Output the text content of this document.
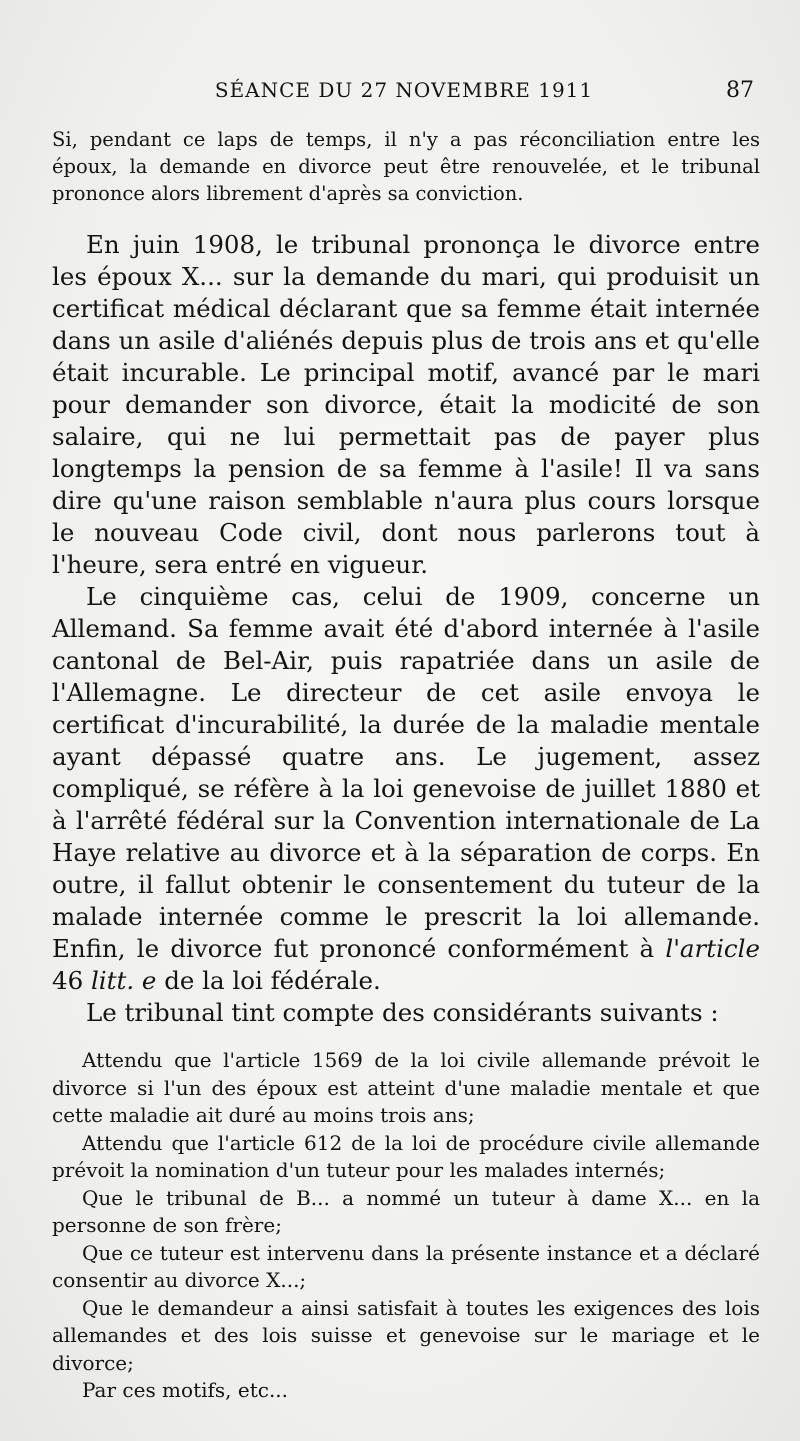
SÉANCE DU 27 NOVEMBRE 1911	87

Si, pendant ce laps de temps, il n'y a pas réconciliation entre les époux, la demande en divorce peut être renouvelée, et le tribunal prononce alors librement d'après sa conviction.

En juin 1908, le tribunal prononça le divorce entre les époux X... sur la demande du mari, qui produisit un certificat médical déclarant que sa femme était internée dans un asile d'aliénés depuis plus de trois ans et qu'elle était incurable. Le principal motif, avancé par le mari pour demander son divorce, était la modicité de son salaire, qui ne lui permettait pas de payer plus longtemps la pension de sa femme à l'asile! Il va sans dire qu'une raison semblable n'aura plus cours lorsque le nouveau Code civil, dont nous parlerons tout à l'heure, sera entré en vigueur.

Le cinquième cas, celui de 1909, concerne un Allemand. Sa femme avait été d'abord internée à l'asile cantonal de Bel-Air, puis rapatriée dans un asile de l'Allemagne. Le directeur de cet asile envoya le certificat d'incurabilité, la durée de la maladie mentale ayant dépassé quatre ans. Le jugement, assez compliqué, se réfère à la loi genevoise de juillet 1880 et à l'arrêté fédéral sur la Convention internationale de La Haye relative au divorce et à la séparation de corps. En outre, il fallut obtenir le consentement du tuteur de la malade internée comme le prescrit la loi allemande. Enfin, le divorce fut prononcé conformément à l'article 46 litt. e de la loi fédérale.

Le tribunal tint compte des considérants suivants :

Attendu que l'article 1569 de la loi civile allemande prévoit le divorce si l'un des époux est atteint d'une maladie mentale et que cette maladie ait duré au moins trois ans;

Attendu que l'article 612 de la loi de procédure civile allemande prévoit la nomination d'un tuteur pour les malades internés;

Que le tribunal de B... a nommé un tuteur à dame X... en la personne de son frère;

Que ce tuteur est intervenu dans la présente instance et a déclaré consentir au divorce X...;

Que le demandeur a ainsi satisfait à toutes les exigences des lois allemandes et des lois suisse et genevoise sur le mariage et le divorce;

Par ces motifs, etc...
